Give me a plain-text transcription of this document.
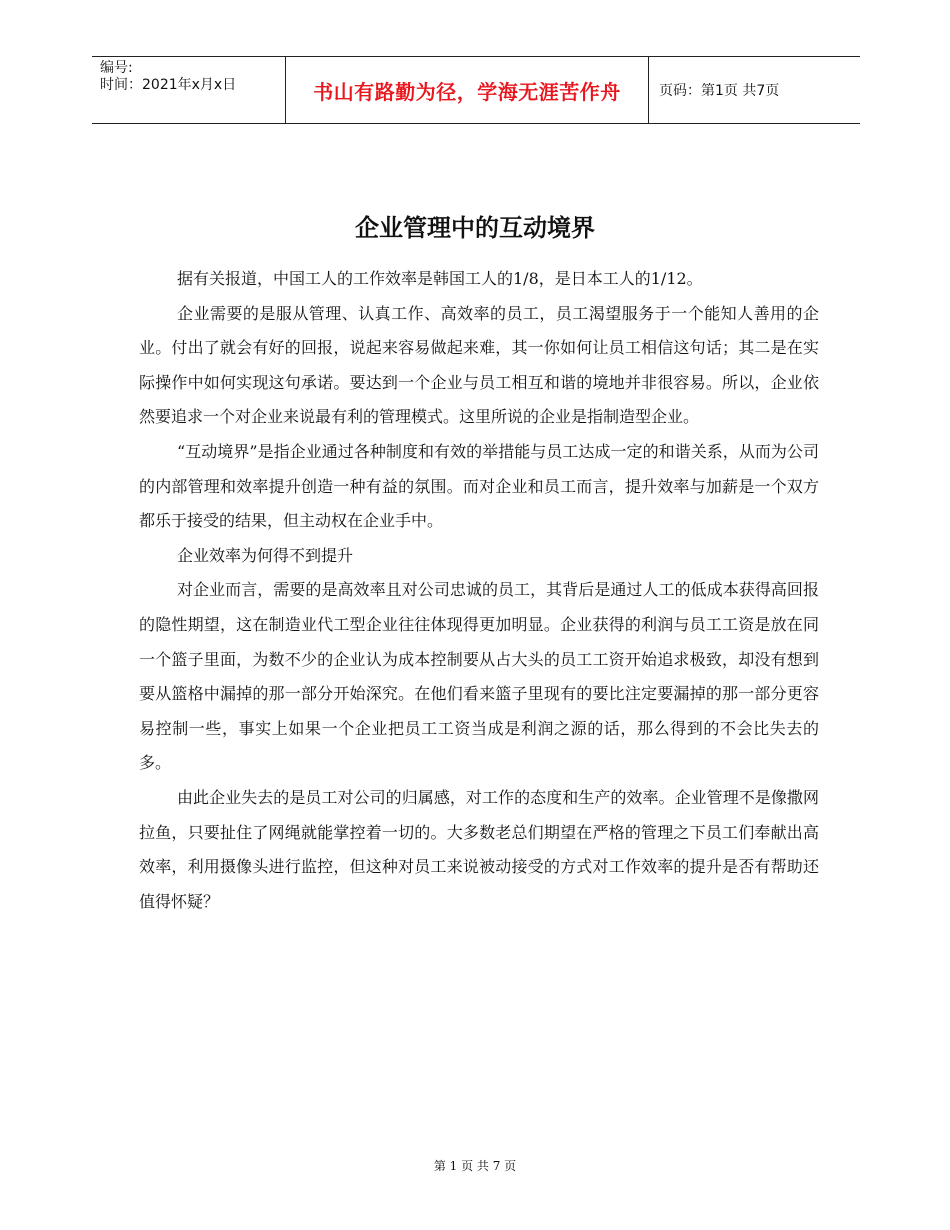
编号:
时间：2021年x月x日	书山有路勤为径，学海无涯苦作舟	页码：第1页 共7页
企业管理中的互动境界

据有关报道，中国工人的工作效率是韩国工人的1/8，是日本工人的1/12。

企业需要的是服从管理、认真工作、高效率的员工，员工渴望服务于一个能知人善用的企业。付出了就会有好的回报，说起来容易做起来难，其一你如何让员工相信这句话；其二是在实际操作中如何实现这句承诺。要达到一个企业与员工相互和谐的境地并非很容易。所以，企业依然要追求一个对企业来说最有利的管理模式。这里所说的企业是指制造型企业。

“互动境界”是指企业通过各种制度和有效的举措能与员工达成一定的和谐关系，从而为公司的内部管理和效率提升创造一种有益的氛围。而对企业和员工而言，提升效率与加薪是一个双方都乐于接受的结果，但主动权在企业手中。

企业效率为何得不到提升

对企业而言，需要的是高效率且对公司忠诚的员工，其背后是通过人工的低成本获得高回报的隐性期望，这在制造业代工型企业往往体现得更加明显。企业获得的利润与员工工资是放在同一个篮子里面，为数不少的企业认为成本控制要从占大头的员工工资开始追求极致，却没有想到要从篮格中漏掉的那一部分开始深究。在他们看来篮子里现有的要比注定要漏掉的那一部分更容易控制一些，事实上如果一个企业把员工工资当成是利润之源的话，那么得到的不会比失去的多。

由此企业失去的是员工对公司的归属感，对工作的态度和生产的效率。企业管理不是像撒网拉鱼，只要扯住了网绳就能掌控着一切的。大多数老总们期望在严格的管理之下员工们奉献出高效率，利用摄像头进行监控，但这种对员工来说被动接受的方式对工作效率的提升是否有帮助还值得怀疑？

第 1 页 共 7 页
